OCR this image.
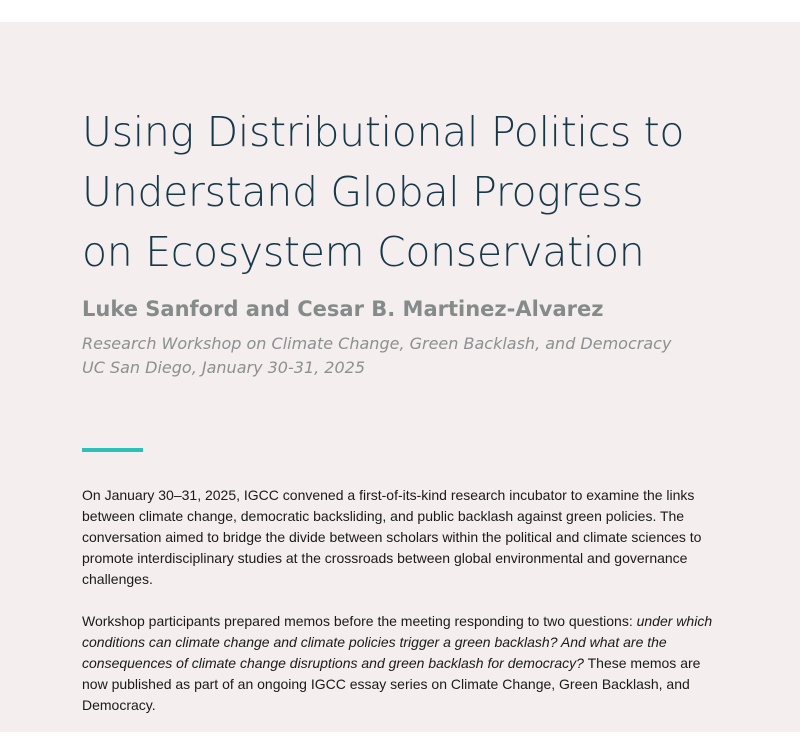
Using Distributional Politics to
Understand Global Progress
on Ecosystem Conservation

Luke Sanford and Cesar B. Martinez-Alvarez

Research Workshop on Climate Change, Green Backlash, and Democracy
UC San Diego, January 30-31, 2025

On January 30–31, 2025, IGCC convened a first-of-its-kind research incubator to examine the links between climate change, democratic backsliding, and public backlash against green policies. The conversation aimed to bridge the divide between scholars within the political and climate sciences to promote interdisciplinary studies at the crossroads between global environmental and governance challenges.

Workshop participants prepared memos before the meeting responding to two questions: under which conditions can climate change and climate policies trigger a green backlash? And what are the consequences of climate change disruptions and green backlash for democracy? These memos are now published as part of an ongoing IGCC essay series on Climate Change, Green Backlash, and Democracy.
